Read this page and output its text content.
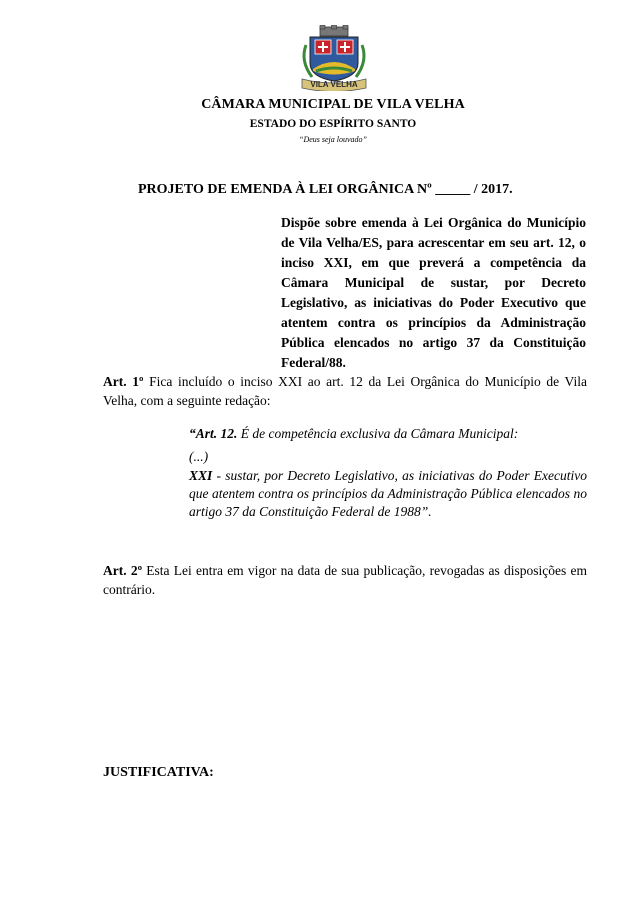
VILA VELHA
CÂMARA MUNICIPAL DE VILA VELHA
ESTADO DO ESPÍRITO SANTO
“Deus seja louvado”
PROJETO DE EMENDA À LEI ORGÂNICA Nº _____ / 2017.
Dispõe sobre emenda à Lei Orgânica do Município de Vila Velha/ES, para acrescentar em seu art. 12, o inciso XXI, em que preverá a competência da Câmara Municipal de sustar, por Decreto Legislativo, as iniciativas do Poder Executivo que atentem contra os princípios da Administração Pública elencados no artigo 37 da Constituição Federal/88.
Art. 1º Fica incluído o inciso XXI ao art. 12 da Lei Orgânica do Município de Vila Velha, com a seguinte redação:
“Art. 12. É de competência exclusiva da Câmara Municipal:
(...)
XXI - sustar, por Decreto Legislativo, as iniciativas do Poder Executivo que atentem contra os princípios da Administração Pública elencados no artigo 37 da Constituição Federal de 1988”.
Art. 2º Esta Lei entra em vigor na data de sua publicação, revogadas as disposições em contrário.
JUSTIFICATIVA:
